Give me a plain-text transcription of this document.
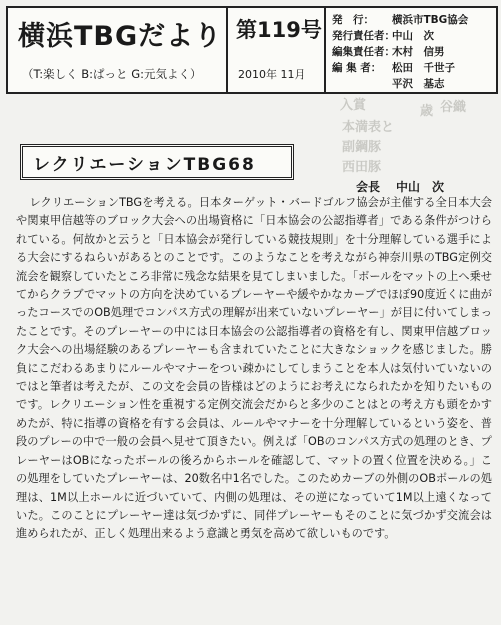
入賞	歳 谷織
本満表と
副鋼豚
西田豚
横浜TBGだより
（T:楽しく B:ぱっと G:元気よく）
第119号
2010年 11月
発　行： 横浜市TBG協会
発行責任者：中山　次
編集責任者：木村　信男
編 集 者： 松田　千世子
平沢　基志
レクリエーションTBG68
会長 中山　次

レクリエーションTBGを考える。日本ターゲット・バードゴルフ協会が主催する全日本大会や関東甲信越等のブロック大会への出場資格に「日本協会の公認指導者」である条件がつけられている。何故かと云うと「日本協会が発行している競技規則」を十分理解している選手による大会にするねらいがあるとのことです。このようなことを考えながら神奈川県のTBG定例交流会を観察していたところ非常に残念な結果を見てしまいました。「ボールをマットの上へ乗せてからクラブでマットの方向を決めているプレーヤーや緩やかなカーブでほぼ90度近くに曲がったコースでのOB処理でコンパス方式の理解が出来ていないプレーヤー」が目に付いてしまったことです。そのプレーヤーの中には日本協会の公認指導者の資格を有し、関東甲信越ブロック大会への出場経験のあるプレーヤーも含まれていたことに大きなショックを感じました。勝負にこだわるあまりにルールやマナーをつい疎かにしてしまうことを本人は気付いていないのではと筆者は考えたが、この文を会員の皆様はどのようにお考えになられたかを知りたいものです。レクリエーション性を重視する定例交流会だからと多少のことはとの考え方も頭をかすめたが、特に指導の資格を有する会員は、ルールやマナーを十分理解しているという姿を、普段のプレーの中で一般の会員へ見せて頂きたい。例えば「OBのコンパス方式の処理のとき、プレーヤーはOBになったボールの後ろからホールを確認して、マットの置く位置を決める。」この処理をしていたプレーヤーは、20数名中1名でした。このためカーブの外側のOBポールの処理は、1M以上ホールに近づいていて、内側の処理は、その逆になっていて1M以上遠くなっていた。このことにプレーヤー達は気づかずに、同伴プレーヤーもそのことに気づかず交流会は進められたが、正しく処理出来るよう意識と勇気を高めて欲しいものです。
